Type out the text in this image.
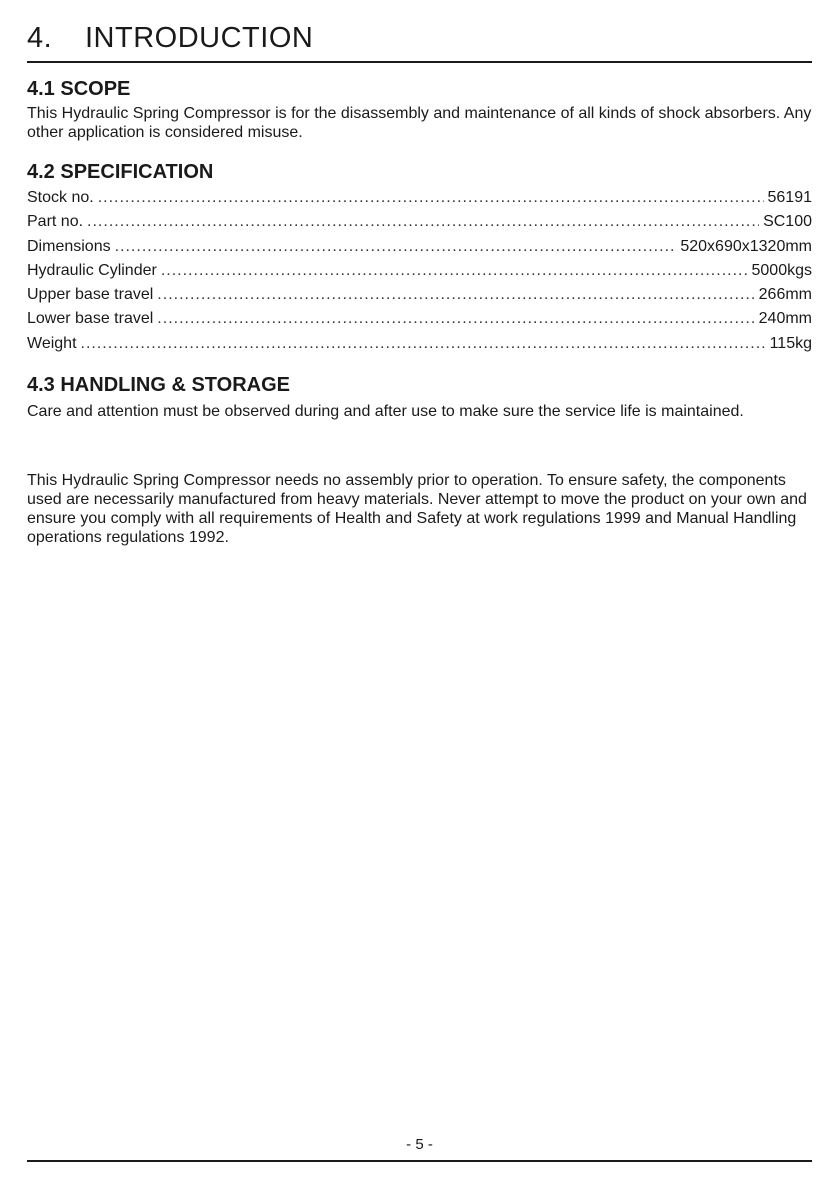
4. INTRODUCTION
4.1 SCOPE

This Hydraulic Spring Compressor is for the disassembly and maintenance of all kinds of shock absorbers. Any other application is considered misuse.

4.2 SPECIFICATION
Stock no. .....	56191
Part no. .....	SC100
Dimensions .....	520x690x1320mm
Hydraulic Cylinder .....	5000kgs
Upper base travel .....	266mm
Lower base travel .....	240mm
Weight .....	115kg
4.3 HANDLING & STORAGE

Care and attention must be observed during and after use to make sure the service life is maintained.

This Hydraulic Spring Compressor needs no assembly prior to operation. To ensure safety, the components used are necessarily manufactured from heavy materials. Never attempt to move the product on your own and ensure you comply with all requirements of Health and Safety at work regulations 1999 and Manual Handling operations regulations 1992.

- 5 -
